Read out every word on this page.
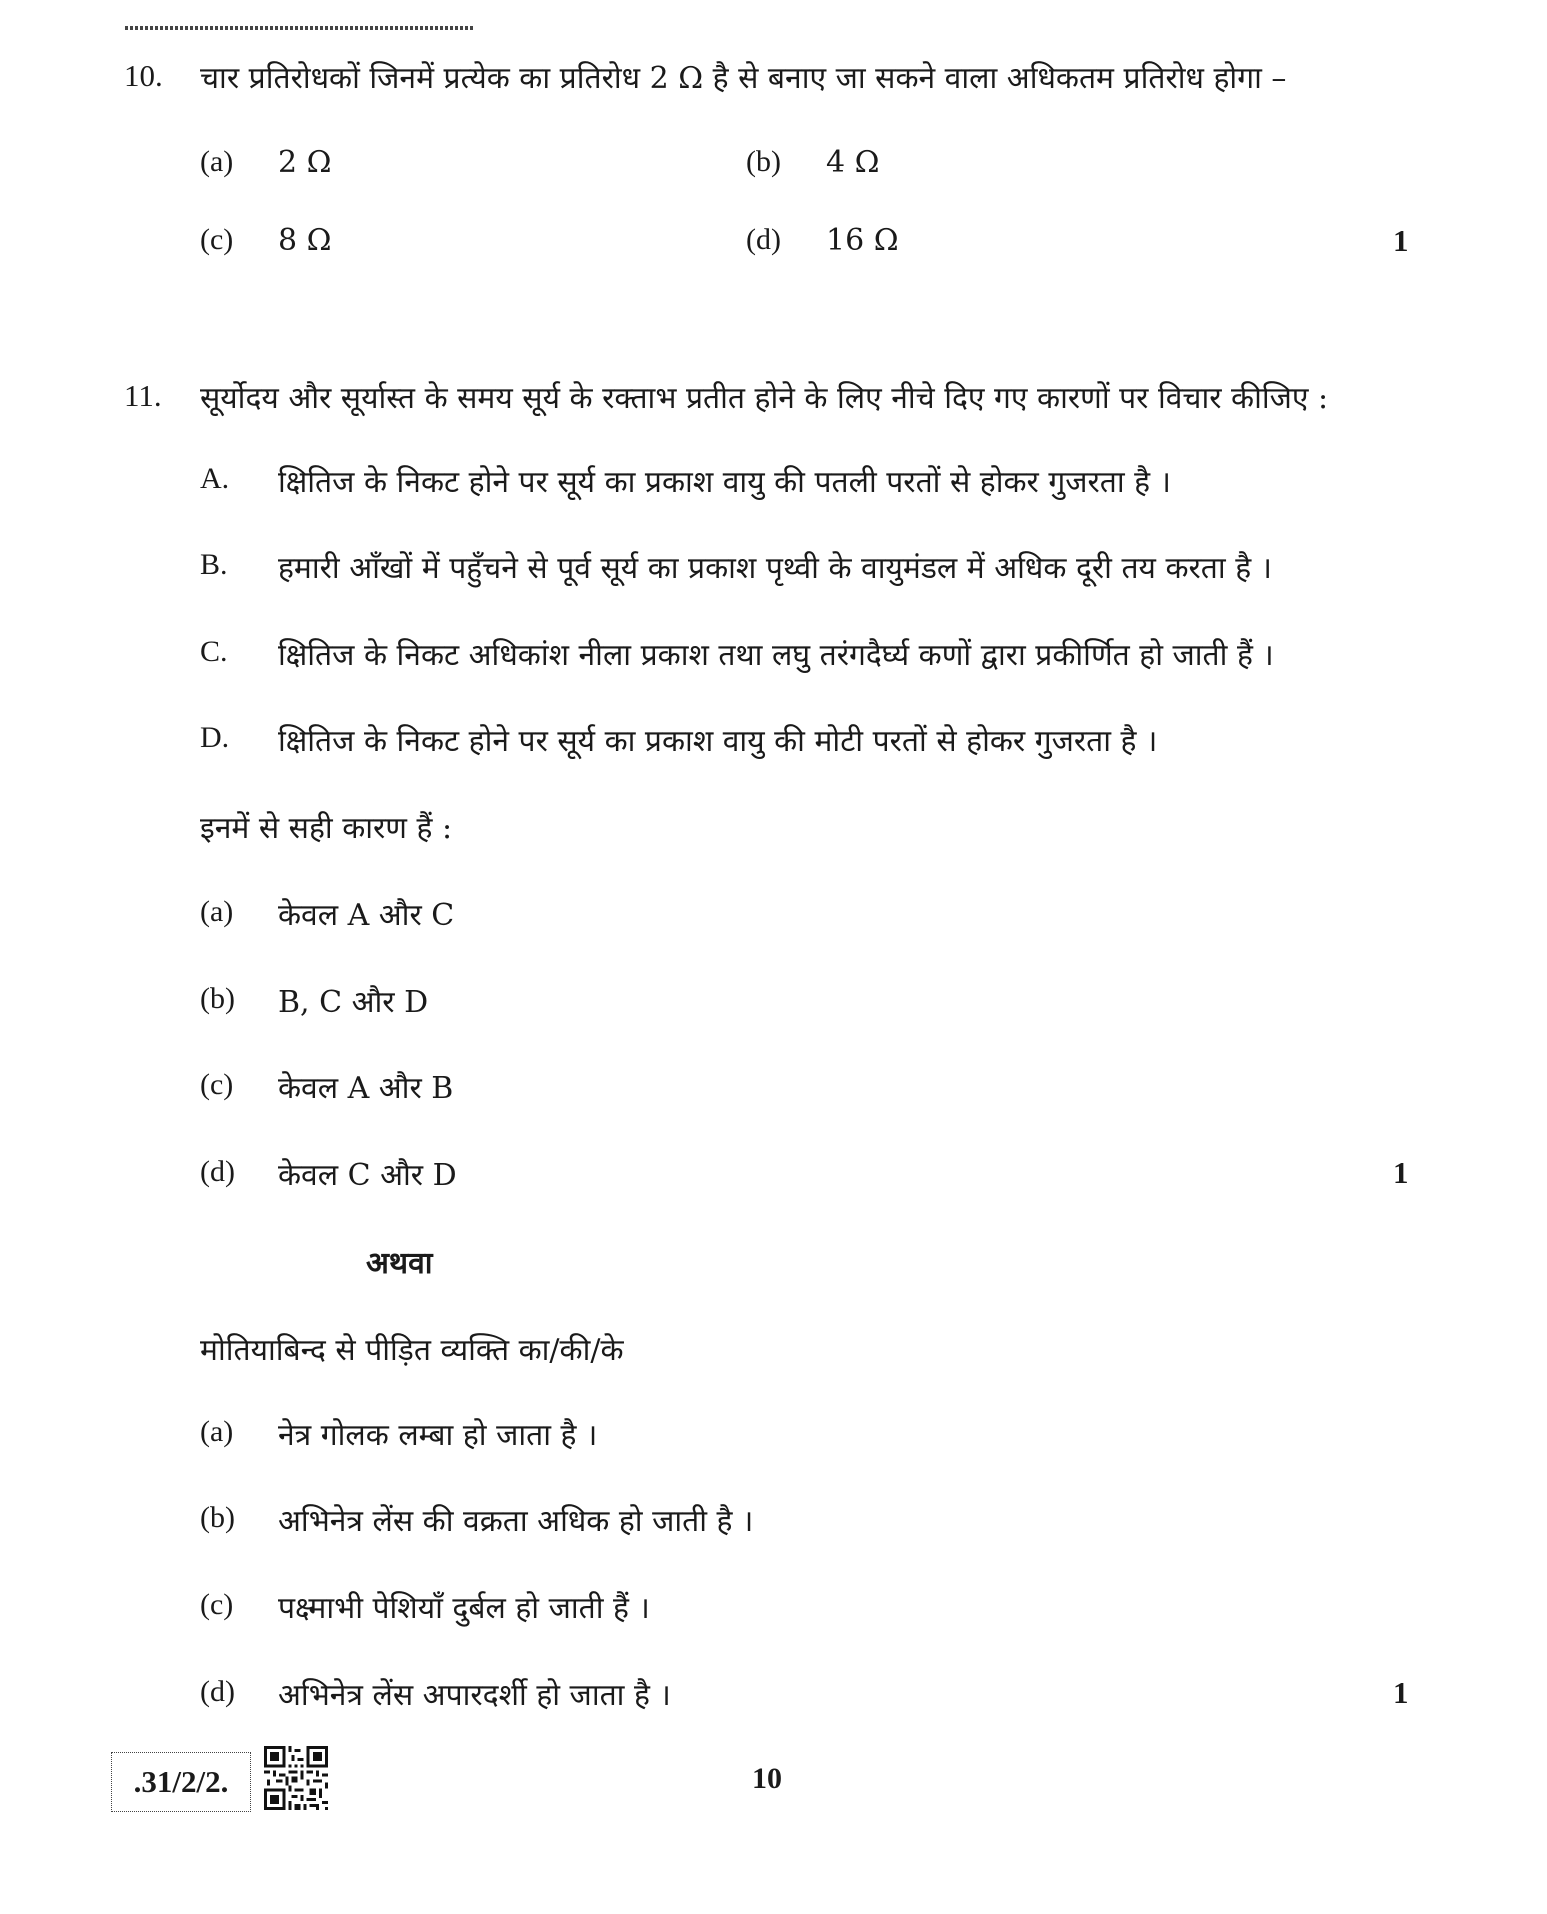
10. चार प्रतिरोधकों जिनमें प्रत्येक का प्रतिरोध 2 Ω है से बनाए जा सकने वाला अधिकतम प्रतिरोध होगा –
(a) 2 Ω	(b) 4 Ω
(c) 8 Ω	(d) 16 Ω	1
11. सूर्योदय और सूर्यास्त के समय सूर्य के रक्ताभ प्रतीत होने के लिए नीचे दिए गए कारणों पर विचार कीजिए :
A. क्षितिज के निकट होने पर सूर्य का प्रकाश वायु की पतली परतों से होकर गुजरता है ।
B. हमारी आँखों में पहुँचने से पूर्व सूर्य का प्रकाश पृथ्वी के वायुमंडल में अधिक दूरी तय करता है ।
C. क्षितिज के निकट अधिकांश नीला प्रकाश तथा लघु तरंगदैर्घ्य कणों द्वारा प्रकीर्णित हो जाती हैं ।
D. क्षितिज के निकट होने पर सूर्य का प्रकाश वायु की मोटी परतों से होकर गुजरता है ।
इनमें से सही कारण हैं :
(a) केवल A और C
(b) B, C और D
(c) केवल A और B
(d) केवल C और D	1
अथवा
मोतियाबिन्द से पीड़ित व्यक्ति का/की/के
(a) नेत्र गोलक लम्बा हो जाता है ।
(b) अभिनेत्र लेंस की वक्रता अधिक हो जाती है ।
(c) पक्ष्माभी पेशियाँ दुर्बल हो जाती हैं ।
(d) अभिनेत्र लेंस अपारदर्शी हो जाता है ।	1
.31/2/2.	10
